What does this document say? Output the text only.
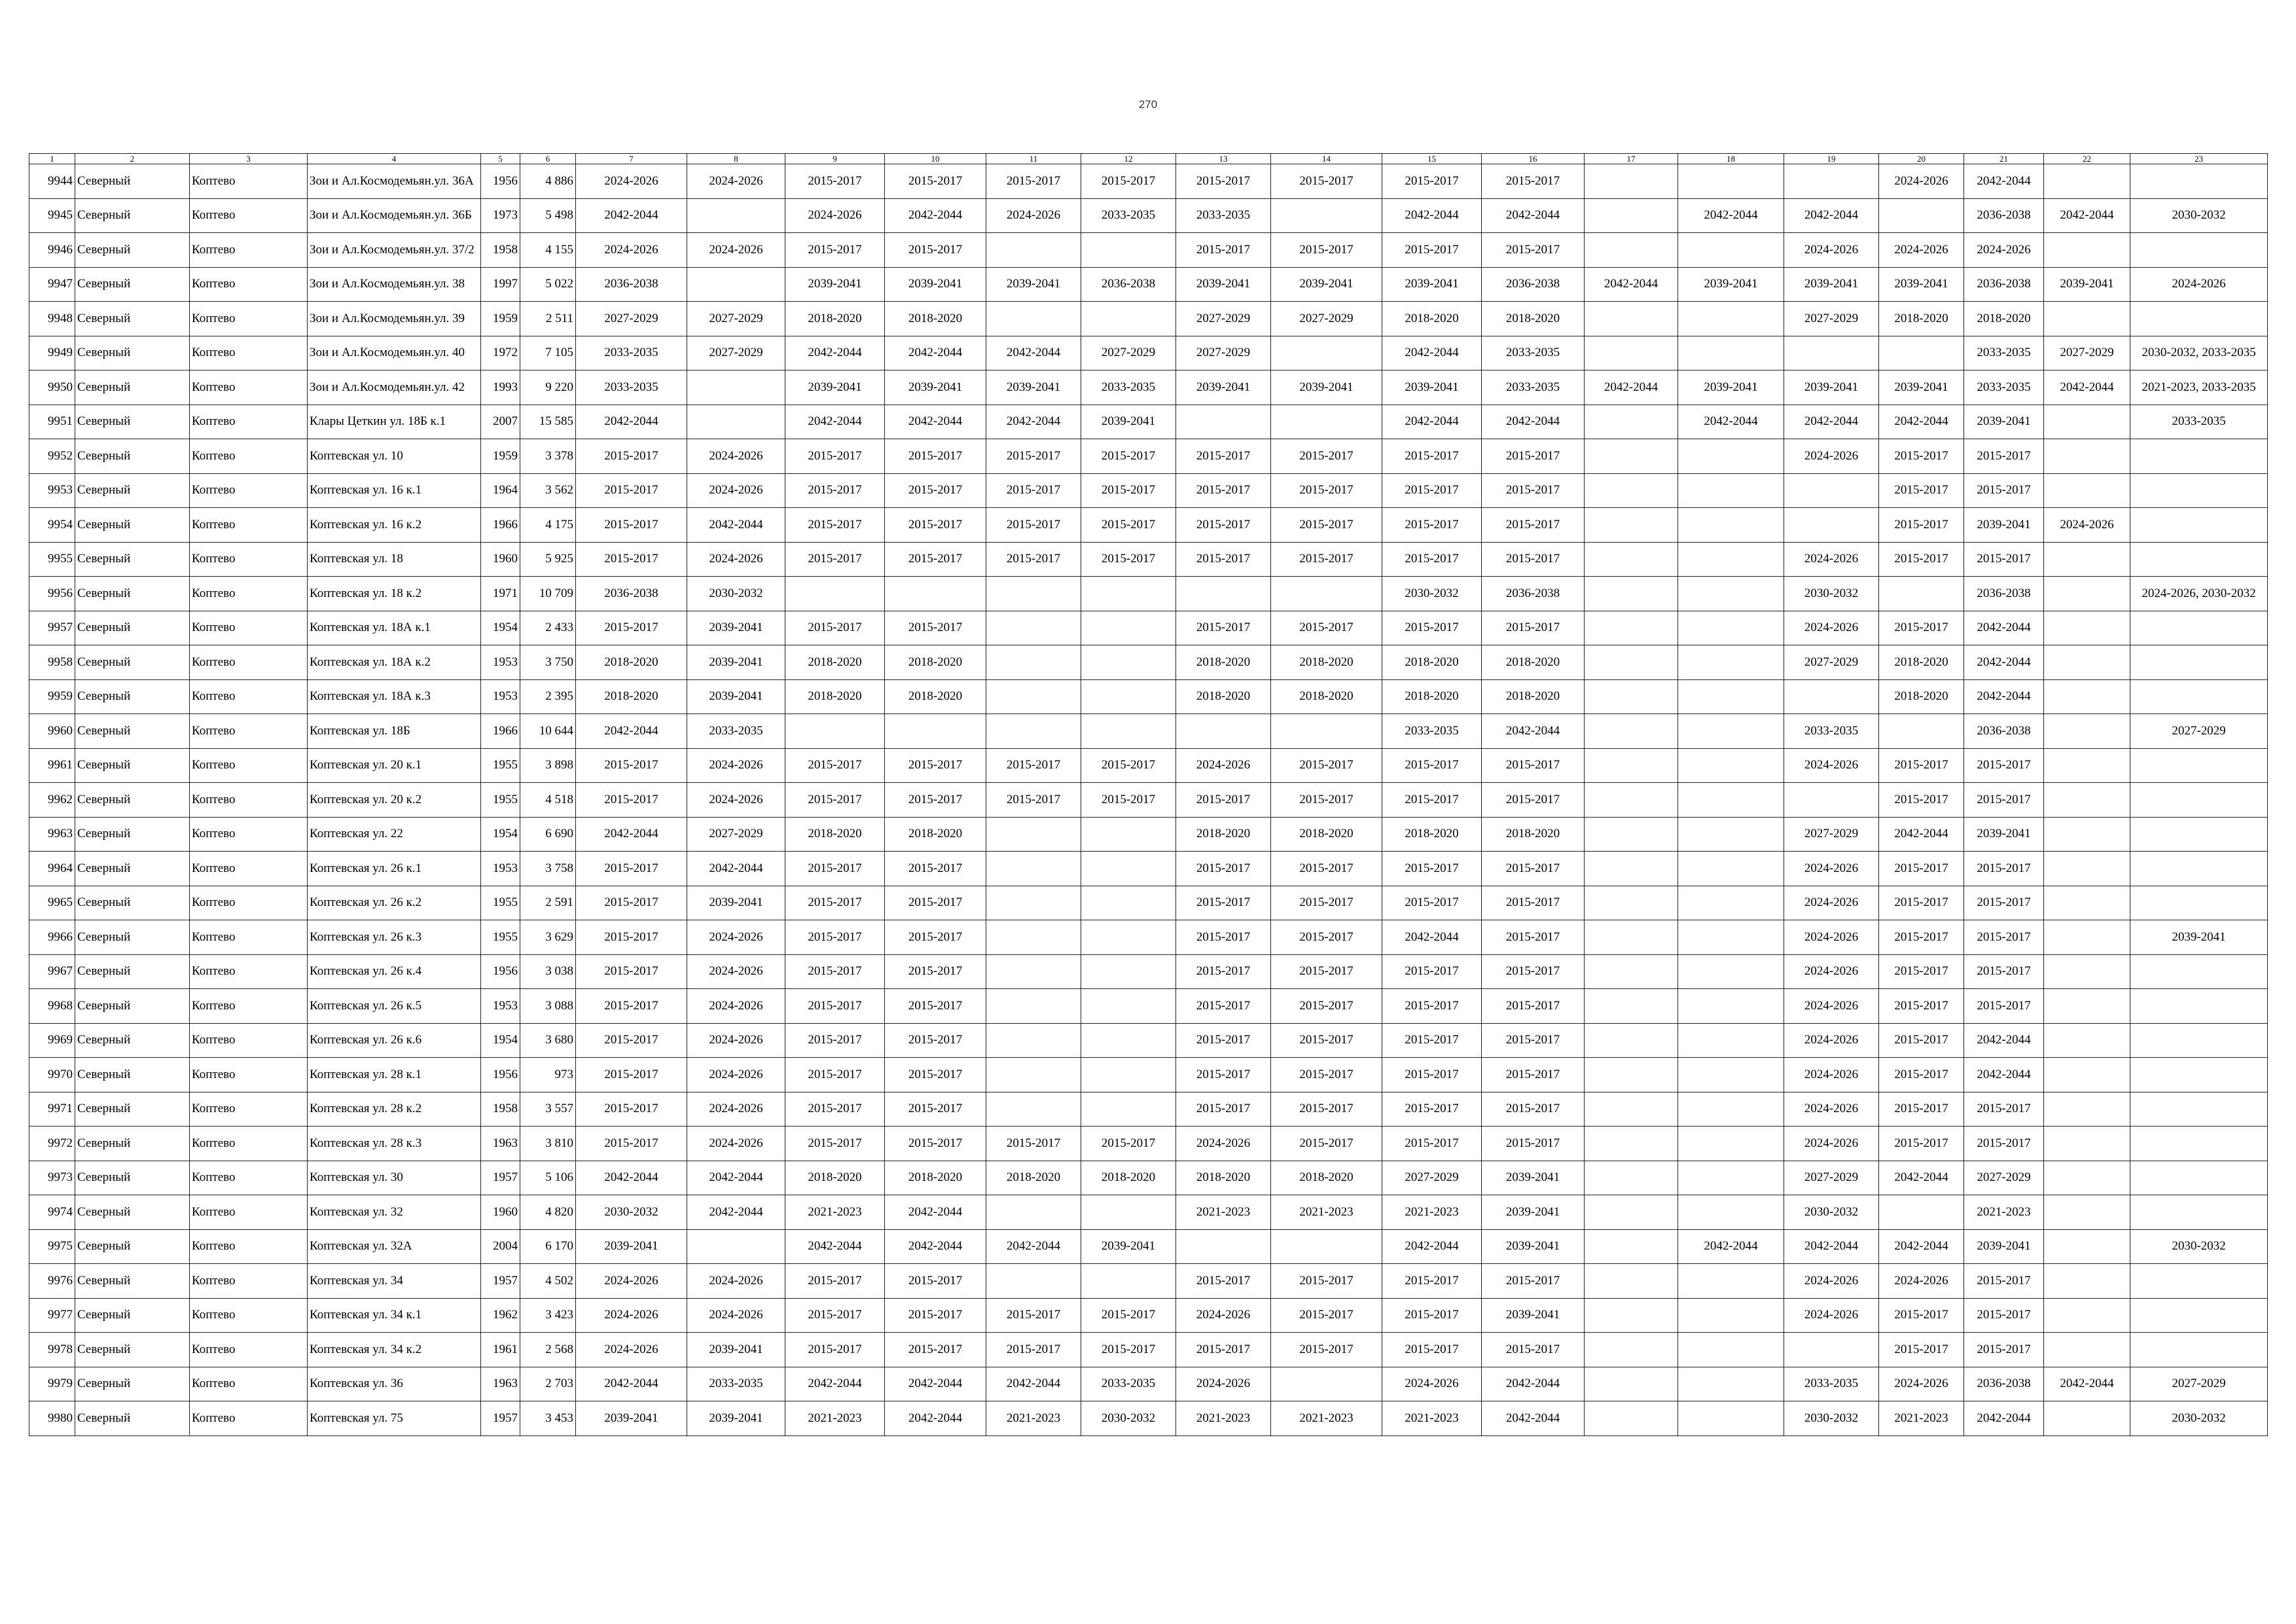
270
1	2	3	4	5	6	7	8	9	10	11	12	13	14	15	16	17	18	19	20	21	22	23
9944	Северный	Коптево	Зои и Ал.Космодемьян.ул. 36А	1956	4 886	2024-2026	2024-2026	2015-2017	2015-2017	2015-2017	2015-2017	2015-2017	2015-2017	2015-2017	2015-2017				2024-2026	2042-2044		
9945	Северный	Коптево	Зои и Ал.Космодемьян.ул. 36Б	1973	5 498	2042-2044		2024-2026	2042-2044	2024-2026	2033-2035	2033-2035		2042-2044	2042-2044		2042-2044	2042-2044		2036-2038	2042-2044	2030-2032
9946	Северный	Коптево	Зои и Ал.Космодемьян.ул. 37/2	1958	4 155	2024-2026	2024-2026	2015-2017	2015-2017			2015-2017	2015-2017	2015-2017	2015-2017			2024-2026	2024-2026	2024-2026		
9947	Северный	Коптево	Зои и Ал.Космодемьян.ул. 38	1997	5 022	2036-2038		2039-2041	2039-2041	2039-2041	2036-2038	2039-2041	2039-2041	2039-2041	2036-2038	2042-2044	2039-2041	2039-2041	2039-2041	2036-2038	2039-2041	2024-2026
9948	Северный	Коптево	Зои и Ал.Космодемьян.ул. 39	1959	2 511	2027-2029	2027-2029	2018-2020	2018-2020			2027-2029	2027-2029	2018-2020	2018-2020			2027-2029	2018-2020	2018-2020		
9949	Северный	Коптево	Зои и Ал.Космодемьян.ул. 40	1972	7 105	2033-2035	2027-2029	2042-2044	2042-2044	2042-2044	2027-2029	2027-2029		2042-2044	2033-2035					2033-2035	2027-2029	2030-2032, 2033-2035
9950	Северный	Коптево	Зои и Ал.Космодемьян.ул. 42	1993	9 220	2033-2035		2039-2041	2039-2041	2039-2041	2033-2035	2039-2041	2039-2041	2039-2041	2033-2035	2042-2044	2039-2041	2039-2041	2039-2041	2033-2035	2042-2044	2021-2023, 2033-2035
9951	Северный	Коптево	Клары Цеткин ул. 18Б к.1	2007	15 585	2042-2044		2042-2044	2042-2044	2042-2044	2039-2041			2042-2044	2042-2044		2042-2044	2042-2044	2042-2044	2039-2041		2033-2035
9952	Северный	Коптево	Коптевская ул. 10	1959	3 378	2015-2017	2024-2026	2015-2017	2015-2017	2015-2017	2015-2017	2015-2017	2015-2017	2015-2017	2015-2017			2024-2026	2015-2017	2015-2017		
9953	Северный	Коптево	Коптевская ул. 16 к.1	1964	3 562	2015-2017	2024-2026	2015-2017	2015-2017	2015-2017	2015-2017	2015-2017	2015-2017	2015-2017	2015-2017				2015-2017	2015-2017		
9954	Северный	Коптево	Коптевская ул. 16 к.2	1966	4 175	2015-2017	2042-2044	2015-2017	2015-2017	2015-2017	2015-2017	2015-2017	2015-2017	2015-2017	2015-2017				2015-2017	2039-2041	2024-2026	
9955	Северный	Коптево	Коптевская ул. 18	1960	5 925	2015-2017	2024-2026	2015-2017	2015-2017	2015-2017	2015-2017	2015-2017	2015-2017	2015-2017	2015-2017			2024-2026	2015-2017	2015-2017		
9956	Северный	Коптево	Коптевская ул. 18 к.2	1971	10 709	2036-2038	2030-2032							2030-2032	2036-2038			2030-2032		2036-2038		2024-2026, 2030-2032
9957	Северный	Коптево	Коптевская ул. 18А к.1	1954	2 433	2015-2017	2039-2041	2015-2017	2015-2017			2015-2017	2015-2017	2015-2017	2015-2017			2024-2026	2015-2017	2042-2044		
9958	Северный	Коптево	Коптевская ул. 18А к.2	1953	3 750	2018-2020	2039-2041	2018-2020	2018-2020			2018-2020	2018-2020	2018-2020	2018-2020			2027-2029	2018-2020	2042-2044		
9959	Северный	Коптево	Коптевская ул. 18А к.3	1953	2 395	2018-2020	2039-2041	2018-2020	2018-2020			2018-2020	2018-2020	2018-2020	2018-2020				2018-2020	2042-2044		
9960	Северный	Коптево	Коптевская ул. 18Б	1966	10 644	2042-2044	2033-2035							2033-2035	2042-2044			2033-2035		2036-2038		2027-2029
9961	Северный	Коптево	Коптевская ул. 20 к.1	1955	3 898	2015-2017	2024-2026	2015-2017	2015-2017	2015-2017	2015-2017	2024-2026	2015-2017	2015-2017	2015-2017			2024-2026	2015-2017	2015-2017		
9962	Северный	Коптево	Коптевская ул. 20 к.2	1955	4 518	2015-2017	2024-2026	2015-2017	2015-2017	2015-2017	2015-2017	2015-2017	2015-2017	2015-2017	2015-2017				2015-2017	2015-2017		
9963	Северный	Коптево	Коптевская ул. 22	1954	6 690	2042-2044	2027-2029	2018-2020	2018-2020			2018-2020	2018-2020	2018-2020	2018-2020			2027-2029	2042-2044	2039-2041		
9964	Северный	Коптево	Коптевская ул. 26 к.1	1953	3 758	2015-2017	2042-2044	2015-2017	2015-2017			2015-2017	2015-2017	2015-2017	2015-2017			2024-2026	2015-2017	2015-2017		
9965	Северный	Коптево	Коптевская ул. 26 к.2	1955	2 591	2015-2017	2039-2041	2015-2017	2015-2017			2015-2017	2015-2017	2015-2017	2015-2017			2024-2026	2015-2017	2015-2017		
9966	Северный	Коптево	Коптевская ул. 26 к.3	1955	3 629	2015-2017	2024-2026	2015-2017	2015-2017			2015-2017	2015-2017	2042-2044	2015-2017			2024-2026	2015-2017	2015-2017		2039-2041
9967	Северный	Коптево	Коптевская ул. 26 к.4	1956	3 038	2015-2017	2024-2026	2015-2017	2015-2017			2015-2017	2015-2017	2015-2017	2015-2017			2024-2026	2015-2017	2015-2017		
9968	Северный	Коптево	Коптевская ул. 26 к.5	1953	3 088	2015-2017	2024-2026	2015-2017	2015-2017			2015-2017	2015-2017	2015-2017	2015-2017			2024-2026	2015-2017	2015-2017		
9969	Северный	Коптево	Коптевская ул. 26 к.6	1954	3 680	2015-2017	2024-2026	2015-2017	2015-2017			2015-2017	2015-2017	2015-2017	2015-2017			2024-2026	2015-2017	2042-2044		
9970	Северный	Коптево	Коптевская ул. 28 к.1	1956	973	2015-2017	2024-2026	2015-2017	2015-2017			2015-2017	2015-2017	2015-2017	2015-2017			2024-2026	2015-2017	2042-2044		
9971	Северный	Коптево	Коптевская ул. 28 к.2	1958	3 557	2015-2017	2024-2026	2015-2017	2015-2017			2015-2017	2015-2017	2015-2017	2015-2017			2024-2026	2015-2017	2015-2017		
9972	Северный	Коптево	Коптевская ул. 28 к.3	1963	3 810	2015-2017	2024-2026	2015-2017	2015-2017	2015-2017	2015-2017	2024-2026	2015-2017	2015-2017	2015-2017			2024-2026	2015-2017	2015-2017		
9973	Северный	Коптево	Коптевская ул. 30	1957	5 106	2042-2044	2042-2044	2018-2020	2018-2020	2018-2020	2018-2020	2018-2020	2018-2020	2027-2029	2039-2041			2027-2029	2042-2044	2027-2029		
9974	Северный	Коптево	Коптевская ул. 32	1960	4 820	2030-2032	2042-2044	2021-2023	2042-2044			2021-2023	2021-2023	2021-2023	2039-2041			2030-2032		2021-2023		
9975	Северный	Коптево	Коптевская ул. 32А	2004	6 170	2039-2041		2042-2044	2042-2044	2042-2044	2039-2041			2042-2044	2039-2041		2042-2044	2042-2044	2042-2044	2039-2041		2030-2032
9976	Северный	Коптево	Коптевская ул. 34	1957	4 502	2024-2026	2024-2026	2015-2017	2015-2017			2015-2017	2015-2017	2015-2017	2015-2017			2024-2026	2024-2026	2015-2017		
9977	Северный	Коптево	Коптевская ул. 34 к.1	1962	3 423	2024-2026	2024-2026	2015-2017	2015-2017	2015-2017	2015-2017	2024-2026	2015-2017	2015-2017	2039-2041			2024-2026	2015-2017	2015-2017		
9978	Северный	Коптево	Коптевская ул. 34 к.2	1961	2 568	2024-2026	2039-2041	2015-2017	2015-2017	2015-2017	2015-2017	2015-2017	2015-2017	2015-2017	2015-2017				2015-2017	2015-2017		
9979	Северный	Коптево	Коптевская ул. 36	1963	2 703	2042-2044	2033-2035	2042-2044	2042-2044	2042-2044	2033-2035	2024-2026		2024-2026	2042-2044			2033-2035	2024-2026	2036-2038	2042-2044	2027-2029
9980	Северный	Коптево	Коптевская ул. 75	1957	3 453	2039-2041	2039-2041	2021-2023	2042-2044	2021-2023	2030-2032	2021-2023	2021-2023	2021-2023	2042-2044			2030-2032	2021-2023	2042-2044		2030-2032
